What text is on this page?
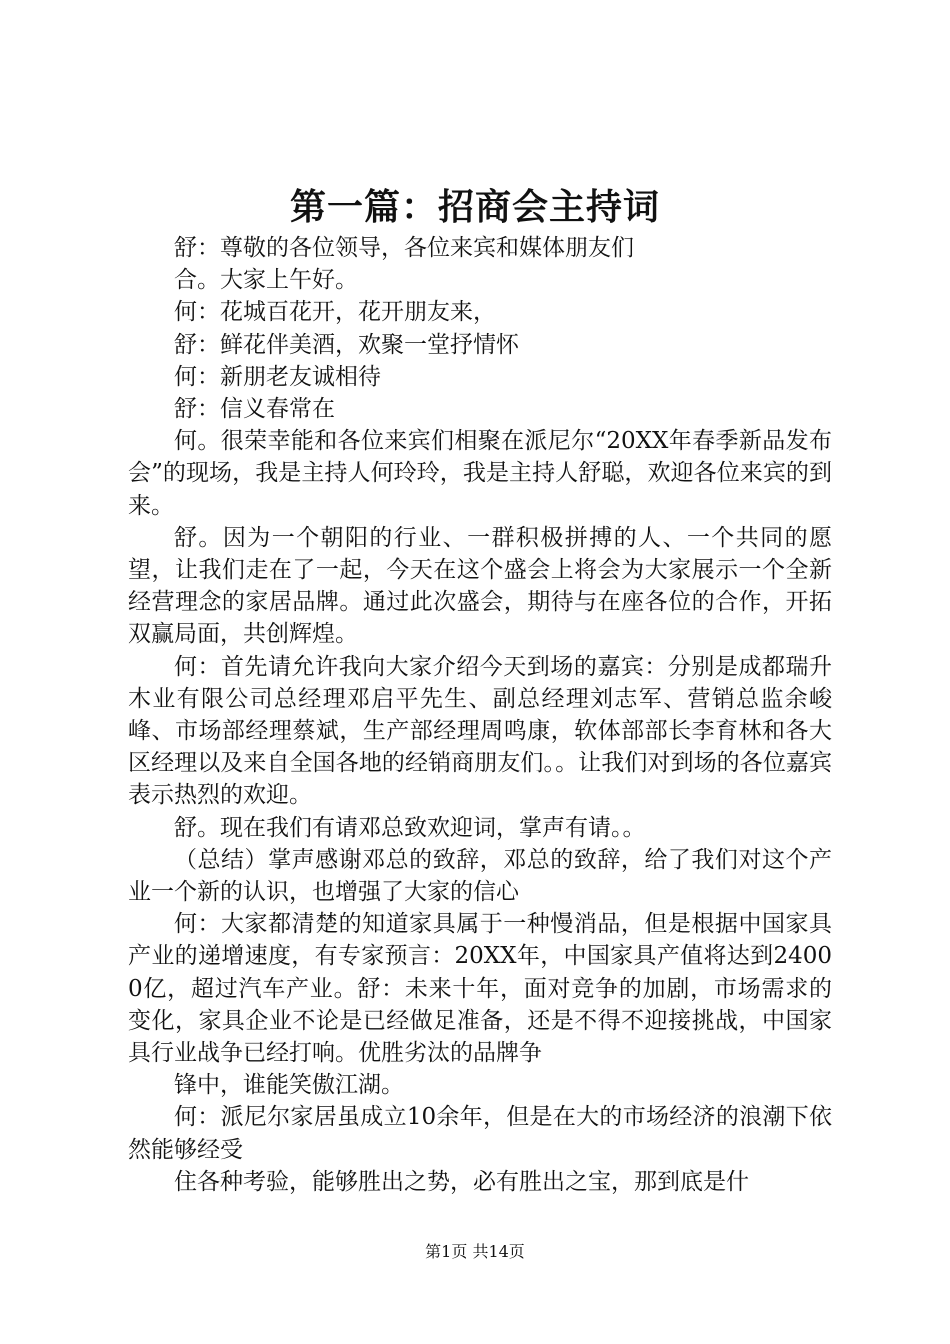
第一篇：招商会主持词

舒：尊敬的各位领导，各位来宾和媒体朋友们

合。大家上午好。

何：花城百花开，花开朋友来，

舒：鲜花伴美酒，欢聚一堂抒情怀

何：新朋老友诚相待

舒：信义春常在

何。很荣幸能和各位来宾们相聚在派尼尔“20XX年春季新品发布会”的现场，我是主持人何玲玲，我是主持人舒聪，欢迎各位来宾的到来。

舒。因为一个朝阳的行业、一群积极拼搏的人、一个共同的愿望，让我们走在了一起，今天在这个盛会上将会为大家展示一个全新经营理念的家居品牌。通过此次盛会，期待与在座各位的合作，开拓双赢局面，共创辉煌。

何：首先请允许我向大家介绍今天到场的嘉宾：分别是成都瑞升木业有限公司总经理邓启平先生、副总经理刘志军、营销总监余峻峰、市场部经理蔡斌，生产部经理周鸣康，软体部部长李育林和各大区经理以及来自全国各地的经销商朋友们。。让我们对到场的各位嘉宾表示热烈的欢迎。

舒。现在我们有请邓总致欢迎词，掌声有请。。

（总结）掌声感谢邓总的致辞，邓总的致辞，给了我们对这个产业一个新的认识，也增强了大家的信心

何：大家都清楚的知道家具属于一种慢消品，但是根据中国家具产业的递增速度，有专家预言：20XX年，中国家具产值将达到24000亿，超过汽车产业。舒：未来十年，面对竞争的加剧，市场需求的变化，家具企业不论是已经做足准备，还是不得不迎接挑战，中国家具行业战争已经打响。优胜劣汰的品牌争

锋中，谁能笑傲江湖。

何：派尼尔家居虽成立10余年，但是在大的市场经济的浪潮下依然能够经受

住各种考验，能够胜出之势，必有胜出之宝，那到底是什

第1页 共14页
